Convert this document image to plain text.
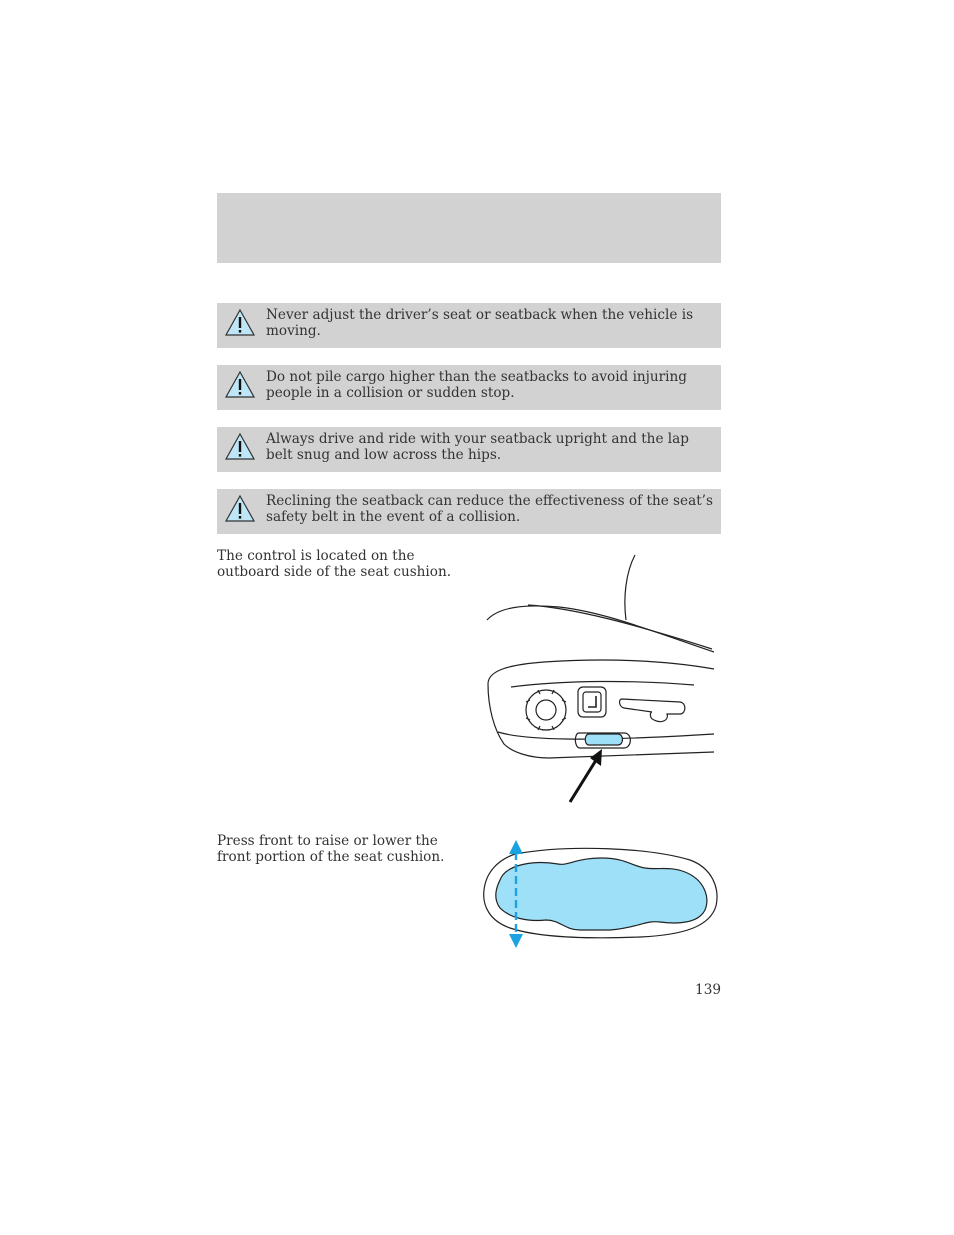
Never adjust the driver’s seat or seatback when the vehicle is moving.
Do not pile cargo higher than the seatbacks to avoid injuring people in a collision or sudden stop.
Always drive and ride with your seatback upright and the lap belt snug and low across the hips.
Reclining the seatback can reduce the effectiveness of the seat’s safety belt in the event of a collision.
The control is located on the outboard side of the seat cushion.
Press front to raise or lower the front portion of the seat cushion.
139
